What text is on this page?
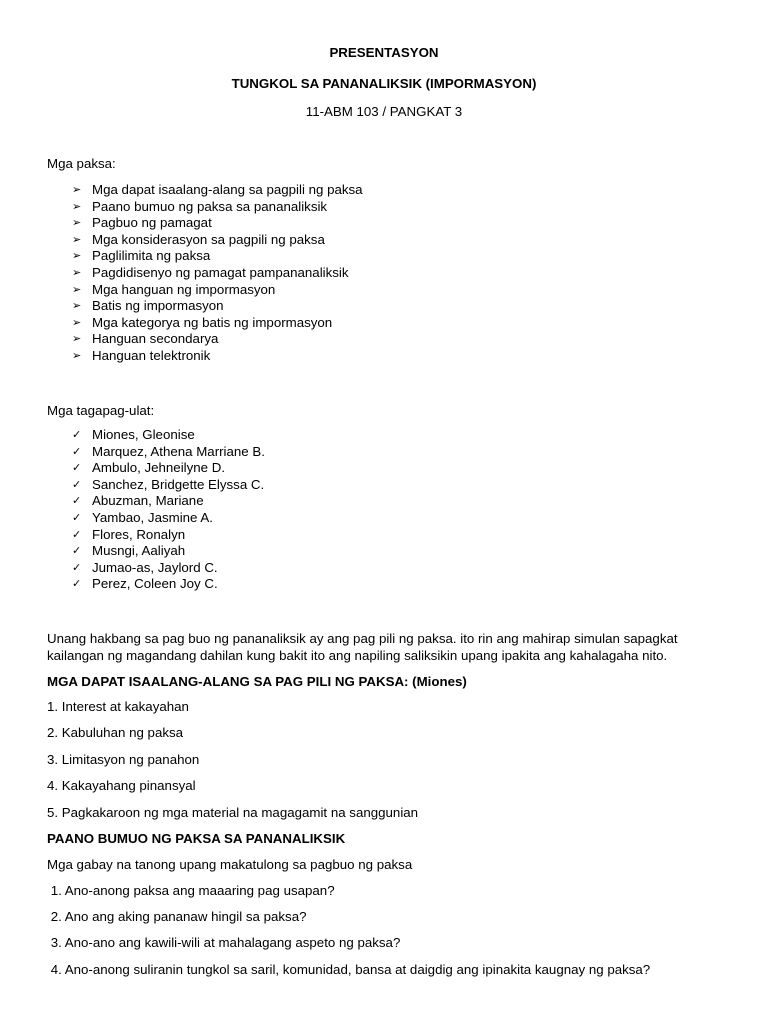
PRESENTASYON
TUNGKOL SA PANANALIKSIK (IMPORMASYON)
11-ABM 103 / PANGKAT 3
Mga paksa:
➢ Mga dapat isaalang-alang sa pagpili ng paksa
➢ Paano bumuo ng paksa sa pananaliksik
➢ Pagbuo ng pamagat
➢ Mga konsiderasyon sa pagpili ng paksa
➢ Paglilimita ng paksa
➢ Pagdidisenyo ng pamagat pampananaliksik
➢ Mga hanguan ng impormasyon
➢ Batis ng impormasyon
➢ Mga kategorya ng batis ng impormasyon
➢ Hanguan secondarya
➢ Hanguan telektronik
Mga tagapag-ulat:
✓ Miones, Gleonise
✓ Marquez, Athena Marriane B.
✓ Ambulo, Jehneilyne D.
✓ Sanchez, Bridgette Elyssa C.
✓ Abuzman, Mariane
✓ Yambao, Jasmine A.
✓ Flores, Ronalyn
✓ Musngi, Aaliyah
✓ Jumao-as, Jaylord C.
✓ Perez, Coleen Joy C.
Unang hakbang sa pag buo ng pananaliksik ay ang pag pili ng paksa. ito rin ang mahirap simulan sapagkat kailangan ng magandang dahilan kung bakit ito ang napiling saliksikin upang ipakita ang kahalagaha nito.
MGA DAPAT ISAALANG-ALANG SA PAG PILI NG PAKSA: (Miones)
1. Interest at kakayahan
2. Kabuluhan ng paksa
3. Limitasyon ng panahon
4. Kakayahang pinansyal
5. Pagkakaroon ng mga material na magagamit na sanggunian
PAANO BUMUO NG PAKSA SA PANANALIKSIK
Mga gabay na tanong upang makatulong sa pagbuo ng paksa
1. Ano-anong paksa ang maaaring pag usapan?
2. Ano ang aking pananaw hingil sa paksa?
3. Ano-ano ang kawili-wili at mahalagang aspeto ng paksa?
4. Ano-anong suliranin tungkol sa saril, komunidad, bansa at daigdig ang ipinakita kaugnay ng paksa?
